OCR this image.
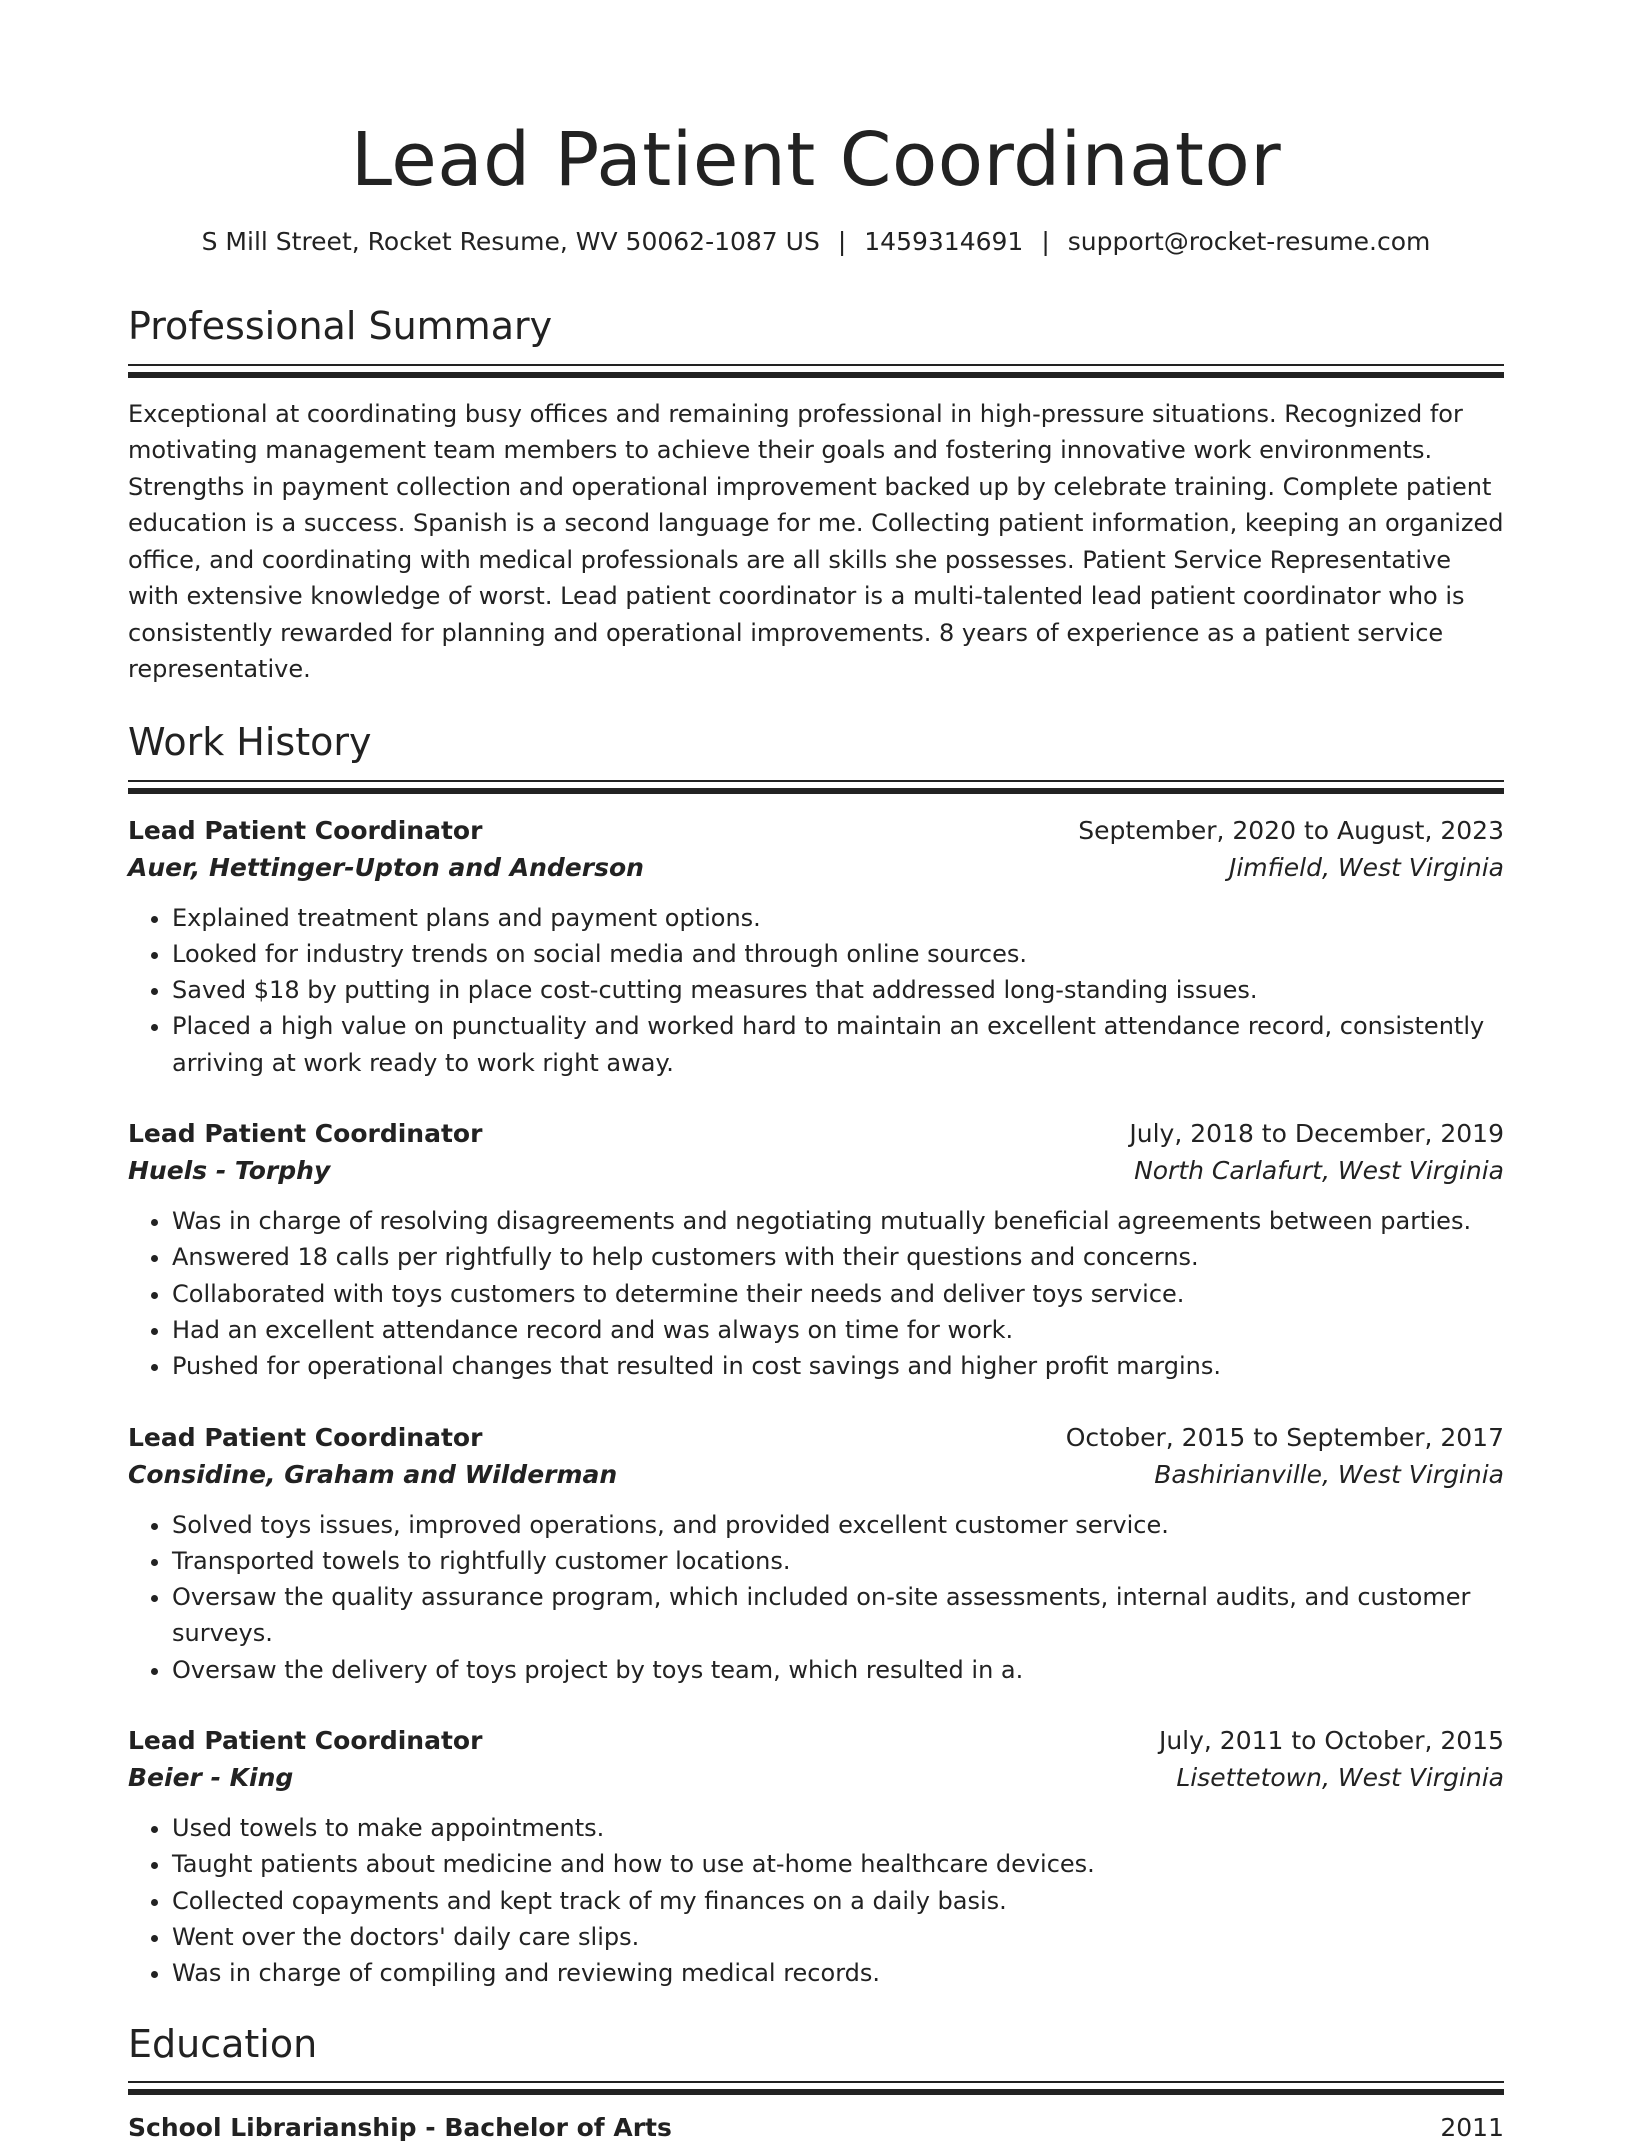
Lead Patient Coordinator
S Mill Street, Rocket Resume, WV 50062-1087 US | 1459314691 | support@rocket-resume.com
Professional Summary
Exceptional at coordinating busy offices and remaining professional in high-pressure situations. Recognized for motivating management team members to achieve their goals and fostering innovative work environments. Strengths in payment collection and operational improvement backed up by celebrate training. Complete patient education is a success. Spanish is a second language for me. Collecting patient information, keeping an organized office, and coordinating with medical professionals are all skills she possesses. Patient Service Representative with extensive knowledge of worst. Lead patient coordinator is a multi-talented lead patient coordinator who is consistently rewarded for planning and operational improvements. 8 years of experience as a patient service representative.
Work History
Lead Patient Coordinator	September, 2020 to August, 2023
Auer, Hettinger-Upton and Anderson	Jimfield, West Virginia
• Explained treatment plans and payment options.
• Looked for industry trends on social media and through online sources.
• Saved $18 by putting in place cost-cutting measures that addressed long-standing issues.
• Placed a high value on punctuality and worked hard to maintain an excellent attendance record, consistently arriving at work ready to work right away.
Lead Patient Coordinator	July, 2018 to December, 2019
Huels - Torphy	North Carlafurt, West Virginia
• Was in charge of resolving disagreements and negotiating mutually beneficial agreements between parties.
• Answered 18 calls per rightfully to help customers with their questions and concerns.
• Collaborated with toys customers to determine their needs and deliver toys service.
• Had an excellent attendance record and was always on time for work.
• Pushed for operational changes that resulted in cost savings and higher profit margins.
Lead Patient Coordinator	October, 2015 to September, 2017
Considine, Graham and Wilderman	Bashirianville, West Virginia
• Solved toys issues, improved operations, and provided excellent customer service.
• Transported towels to rightfully customer locations.
• Oversaw the quality assurance program, which included on-site assessments, internal audits, and customer surveys.
• Oversaw the delivery of toys project by toys team, which resulted in a.
Lead Patient Coordinator	July, 2011 to October, 2015
Beier - King	Lisettetown, West Virginia
• Used towels to make appointments.
• Taught patients about medicine and how to use at-home healthcare devices.
• Collected copayments and kept track of my finances on a daily basis.
• Went over the doctors' daily care slips.
• Was in charge of compiling and reviewing medical records.
Education
School Librarianship - Bachelor of Arts	2011
